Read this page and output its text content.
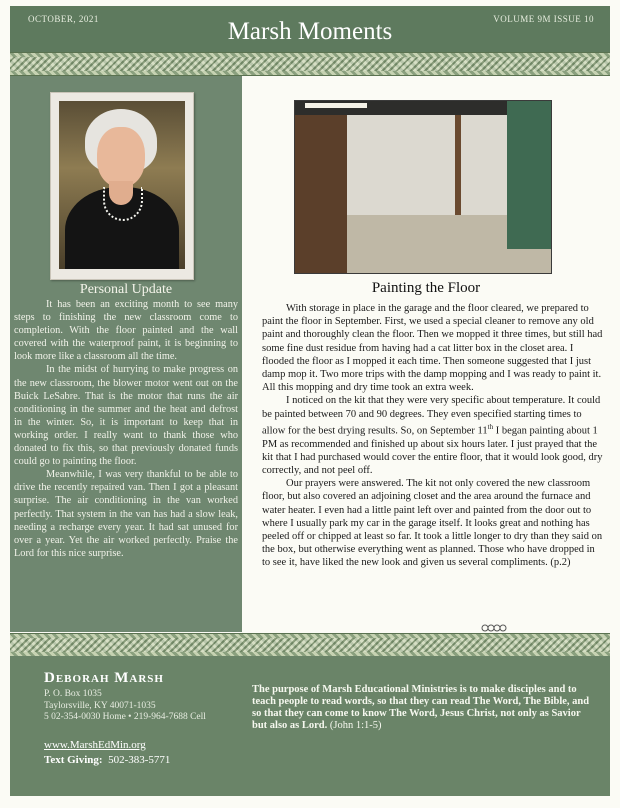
OCTOBER, 2021	Marsh Moments	VOLUME 9M ISSUE 10
Personal Update

It has been an exciting month to see many steps to finishing the new classroom come to completion. With the floor painted and the wall covered with the waterproof paint, it is beginning to look more like a classroom all the time.

In the midst of hurrying to make progress on the new classroom, the blower motor went out on the Buick LeSabre. That is the motor that runs the air conditioning in the summer and the heat and defrost in the winter. So, it is important to keep that in working order. I really want to thank those who donated to fix this, so that previously donated funds could go to painting the floor.

Meanwhile, I was very thankful to be able to drive the recently repaired van. Then I got a pleasant surprise. The air conditioning in the van worked perfectly. That system in the van has had a slow leak, needing a recharge every year. It had sat unused for over a year. Yet the air worked perfectly. Praise the Lord for this nice surprise.

Painting the Floor

With storage in place in the garage and the floor cleared, we prepared to paint the floor in September. First, we used a special cleaner to remove any old paint and thoroughly clean the floor. Then we mopped it three times, but still had some fine dust residue from having had a cat litter box in the closet area. I flooded the floor as I mopped it each time. Then someone suggested that I just damp mop it. Two more trips with the damp mopping and I was ready to paint it. All this mopping and dry time took an extra week.

I noticed on the kit that they were very specific about temperature. It could be painted between 70 and 90 degrees. They even specified starting times to allow for the best drying results. So, on September 11th I began painting about 1 PM as recommended and finished up about six hours later. I just prayed that the kit that I had purchased would cover the entire floor, that it would look good, dry correctly, and not peel off.

Our prayers were answered. The kit not only covered the new classroom floor, but also covered an adjoining closet and the area around the furnace and water heater. I even had a little paint left over and painted from the door out to where I usually park my car in the garage itself. It looks great and nothing has peeled off or chipped at least so far. It took a little longer to dry than they said on the box, but otherwise everything went as planned. Those who have dropped in to see it, have liked the new look and given us several compliments. (p.2)

Deborah Marsh
P. O. Box 1035
Taylorsville, KY 40071-1035
5 02-354-0030 Home • 219-964-7688 Cell
www.MarshEdMin.org
Text Giving: 502-383-5771
The purpose of Marsh Educational Ministries is to make disciples and to teach people to read words, so that they can read The Word, The Bible, and so that they can come to know The Word, Jesus Christ, not only as Savior but also as Lord. (John 1:1-5)
